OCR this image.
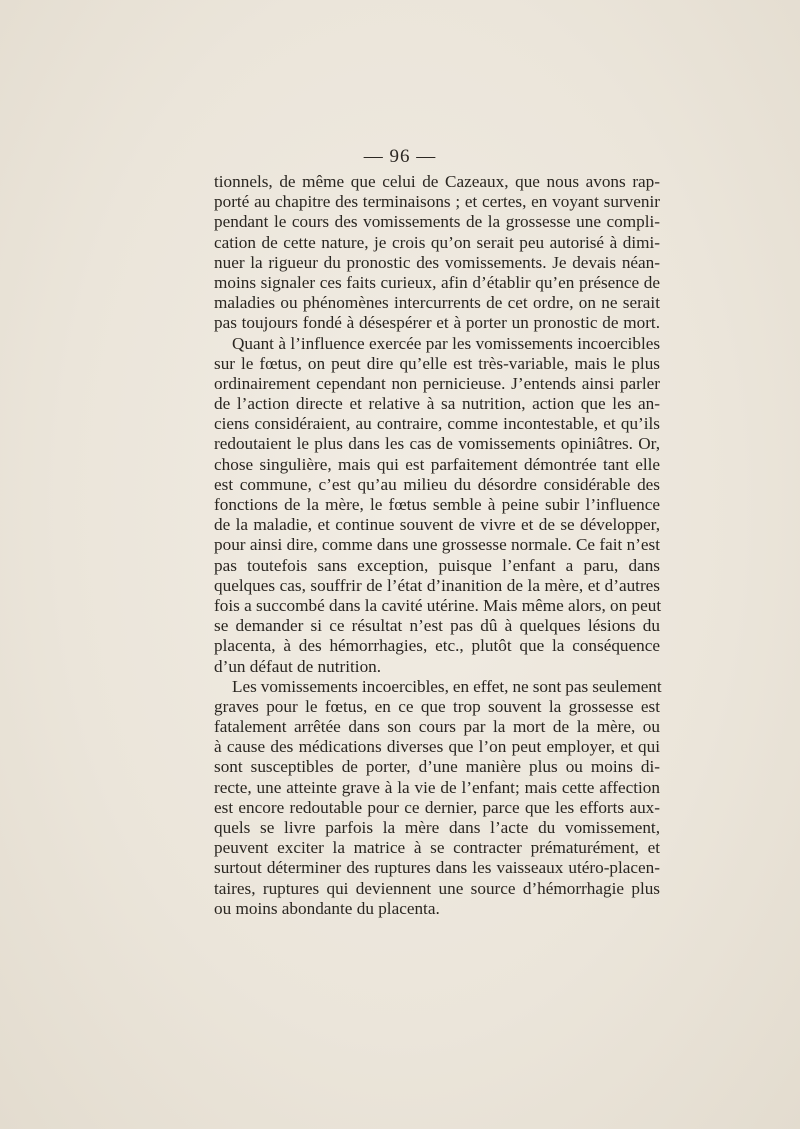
— 96 —
tionnels, de même que celui de Cazeaux, que nous avons rap-
porté au chapitre des terminaisons ; et certes, en voyant survenir
pendant le cours des vomissements de la grossesse une compli-
cation de cette nature, je crois qu’on serait peu autorisé à dimi-
nuer la rigueur du pronostic des vomissements. Je devais néan-
moins signaler ces faits curieux, afin d’établir qu’en présence de
maladies ou phénomènes intercurrents de cet ordre, on ne serait
pas toujours fondé à désespérer et à porter un pronostic de mort.
Quant à l’influence exercée par les vomissements incoercibles
sur le fœtus, on peut dire qu’elle est très-variable, mais le plus
ordinairement cependant non pernicieuse. J’entends ainsi parler
de l’action directe et relative à sa nutrition, action que les an-
ciens considéraient, au contraire, comme incontestable, et qu’ils
redoutaient le plus dans les cas de vomissements opiniâtres. Or,
chose singulière, mais qui est parfaitement démontrée tant elle
est commune, c’est qu’au milieu du désordre considérable des
fonctions de la mère, le fœtus semble à peine subir l’influence
de la maladie, et continue souvent de vivre et de se développer,
pour ainsi dire, comme dans une grossesse normale. Ce fait n’est
pas toutefois sans exception, puisque l’enfant a paru, dans
quelques cas, souffrir de l’état d’inanition de la mère, et d’autres
fois a succombé dans la cavité utérine. Mais même alors, on peut
se demander si ce résultat n’est pas dû à quelques lésions du
placenta, à des hémorrhagies, etc., plutôt que la conséquence
d’un défaut de nutrition.
Les vomissements incoercibles, en effet, ne sont pas seulement
graves pour le fœtus, en ce que trop souvent la grossesse est
fatalement arrêtée dans son cours par la mort de la mère, ou
à cause des médications diverses que l’on peut employer, et qui
sont susceptibles de porter, d’une manière plus ou moins di-
recte, une atteinte grave à la vie de l’enfant; mais cette affection
est encore redoutable pour ce dernier, parce que les efforts aux-
quels se livre parfois la mère dans l’acte du vomissement,
peuvent exciter la matrice à se contracter prématurément, et
surtout déterminer des ruptures dans les vaisseaux utéro-placen-
taires, ruptures qui deviennent une source d’hémorrhagie plus
ou moins abondante du placenta.
